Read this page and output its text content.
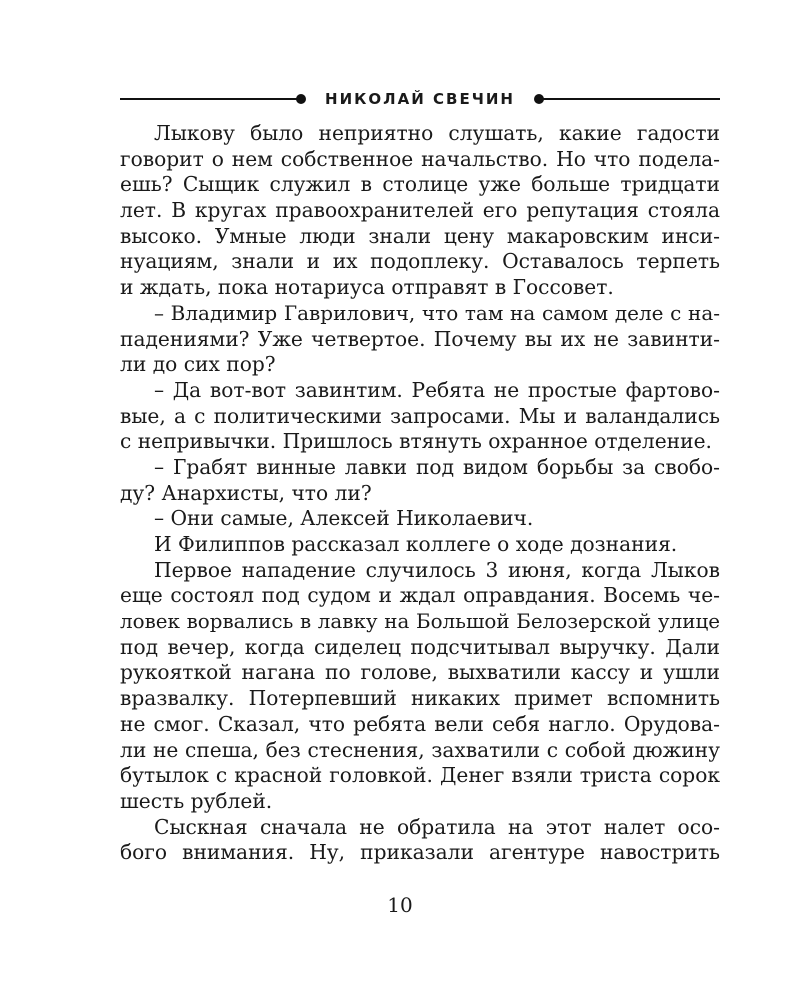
НИКОЛАЙ СВЕЧИН
Лыкову было неприятно слушать, какие гадости
говорит о нем собственное начальство. Но что подела-
ешь? Сыщик служил в столице уже больше тридцати
лет. В кругах правоохранителей его репутация стояла
высоко. Умные люди знали цену макаровским инси-
нуациям, знали и их подоплеку. Оставалось терпеть
и ждать, пока нотариуса отправят в Госсовет.
– Владимир Гаврилович, что там на самом деле с на-
падениями? Уже четвертое. Почему вы их не завинти-
ли до сих пор?
– Да вот-вот завинтим. Ребята не простые фартово-
вые, а с политическими запросами. Мы и валандались
с непривычки. Пришлось втянуть охранное отделение.
– Грабят винные лавки под видом борьбы за свобо-
ду? Анархисты, что ли?
– Они самые, Алексей Николаевич.
И Филиппов рассказал коллеге о ходе дознания.
Первое нападение случилось 3 июня, когда Лыков
еще состоял под судом и ждал оправдания. Восемь че-
ловек ворвались в лавку на Большой Белозерской улице
под вечер, когда сиделец подсчитывал выручку. Дали
рукояткой нагана по голове, выхватили кассу и ушли
вразвалку. Потерпевший никаких примет вспомнить
не смог. Сказал, что ребята вели себя нагло. Орудова-
ли не спеша, без стеснения, захватили с собой дюжину
бутылок с красной головкой. Денег взяли триста сорок
шесть рублей.
Сыскная сначала не обратила на этот налет осо-
бого внимания. Ну, приказали агентуре навострить
10
